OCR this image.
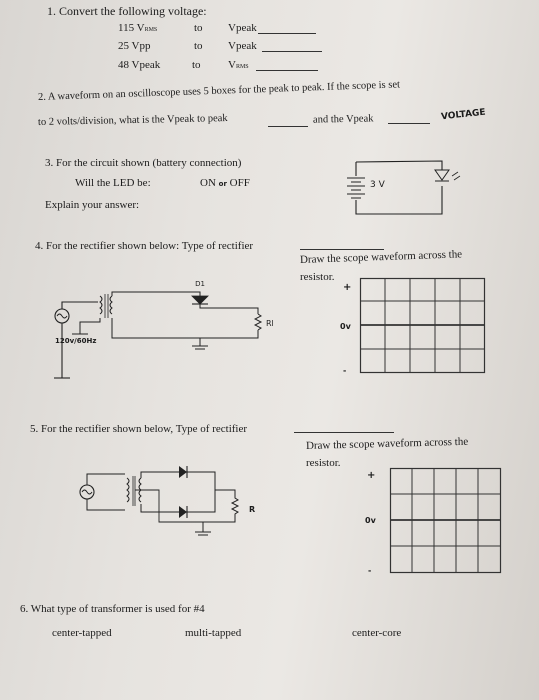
1. Convert the following voltage:
115 VRMS	to Vpeak
25 Vpp	to Vpeak
48 Vpeak	to VRMS
2. A waveform on an oscilloscope uses 5 boxes for the peak to peak. If the scope is set
to 2 volts/division, what is the Vpeak to peak	and the Vpeak	VOLTAGE
3. For the circuit shown (battery connection)
Will the LED be:	ON or OFF
Explain your answer:
3 V
4. For the rectifier shown below: Type of rectifier
Draw the scope waveform across the
resistor.
+
0v
-
D1
Rl
120v/60Hz
5. For the rectifier shown below, Type of rectifier
Draw the scope waveform across the
resistor.
+
0v
-
R
6. What type of transformer is used for #4
center-tapped	multi-tapped	center-core
